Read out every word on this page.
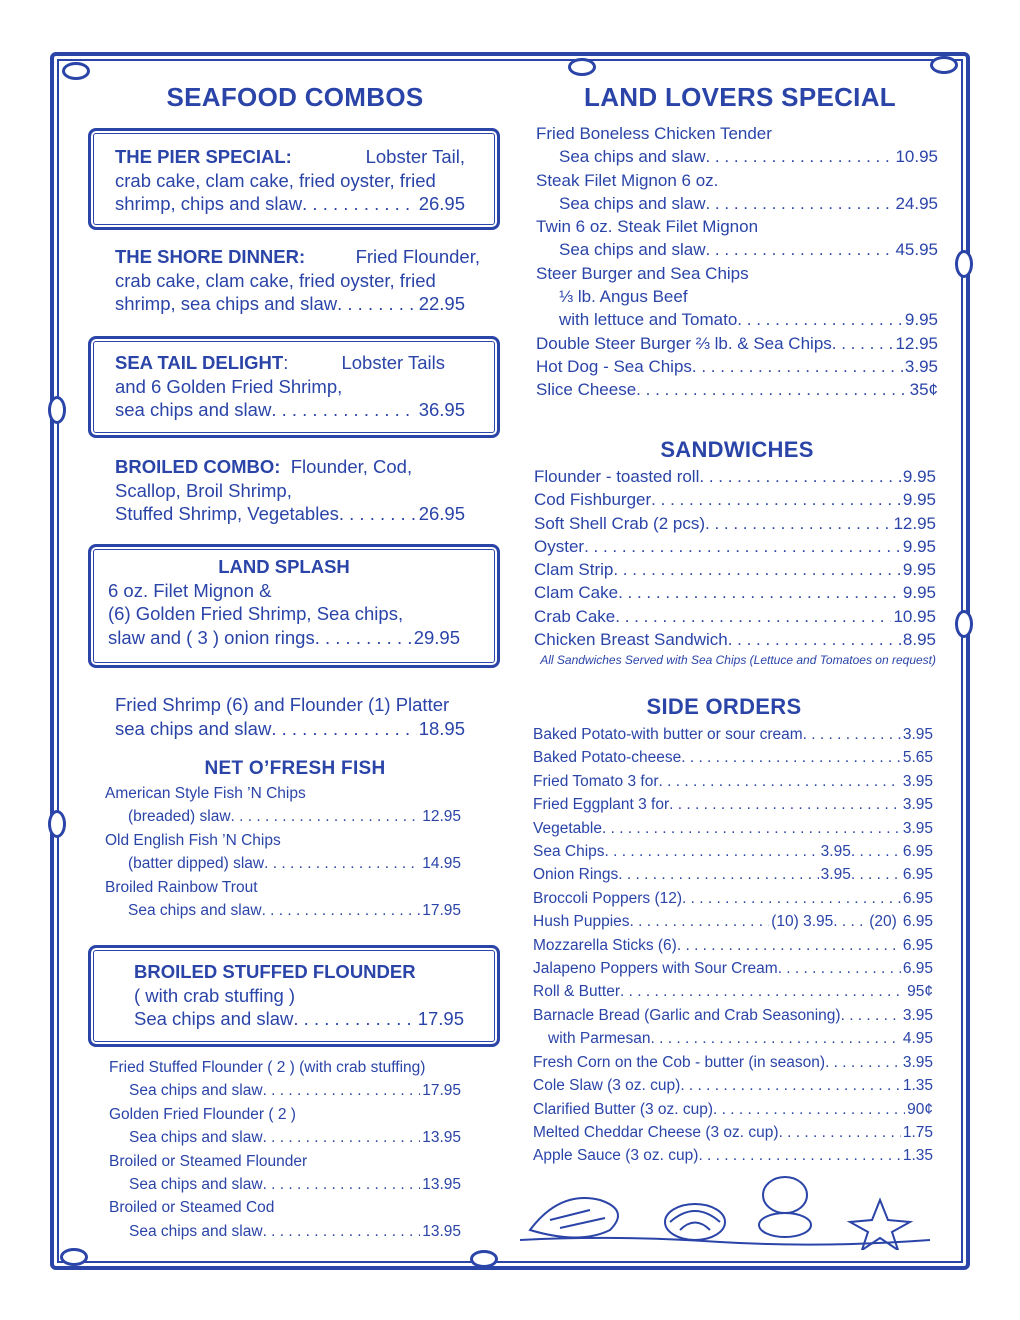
SEAFOOD COMBOS
THE PIER SPECIAL:	Lobster Tail,
crab cake, clam cake, fried oyster, fried
shrimp, chips and slaw . . .	26.95
THE SHORE DINNER:	Fried Flounder,
crab cake, clam cake, fried oyster, fried
shrimp, sea chips and slaw . . .	22.95
SEA TAIL DELIGHT:	Lobster Tails
and 6 Golden Fried Shrimp,
sea chips and slaw . . .	36.95
BROILED COMBO: Flounder, Cod,
Scallop, Broil Shrimp,
Stuffed Shrimp, Vegetables . . .	26.95
LAND SPLASH
6 oz. Filet Mignon &
(6) Golden Fried Shrimp, Sea chips,
slaw and ( 3 ) onion rings . . .	29.95
Fried Shrimp (6) and Flounder (1) Platter
sea chips and slaw . . .	18.95
NET O’FRESH FISH
American Style Fish ’N Chips
(breaded) slaw . . .	12.95
Old English Fish ’N Chips
(batter dipped) slaw . . .	14.95
Broiled Rainbow Trout
Sea chips and slaw . . .	17.95
BROILED STUFFED FLOUNDER
( with crab stuffing )
Sea chips and slaw . . .	17.95
Fried Stuffed Flounder ( 2 ) (with crab stuffing)
Sea chips and slaw . . .	17.95
Golden Fried Flounder ( 2 )
Sea chips and slaw . . .	13.95
Broiled or Steamed Flounder
Sea chips and slaw . . .	13.95
Broiled or Steamed Cod
Sea chips and slaw . . .	13.95
LAND LOVERS SPECIAL
Fried Boneless Chicken Tender
Sea chips and slaw . . .	10.95
Steak Filet Mignon 6 oz.
Sea chips and slaw . . .	24.95
Twin 6 oz. Steak Filet Mignon
Sea chips and slaw . . .	45.95
Steer Burger and Sea Chips
⅓ lb. Angus Beef
with lettuce and Tomato . . .	9.95
Double Steer Burger ⅔ lb. & Sea Chips . . .	12.95
Hot Dog - Sea Chips . . .	3.95
Slice Cheese . . .	35¢
SANDWICHES
Flounder - toasted roll . . .	9.95
Cod Fishburger . . .	9.95
Soft Shell Crab (2 pcs) . . .	12.95
Oyster . . .	9.95
Clam Strip . . .	9.95
Clam Cake . . .	9.95
Crab Cake . . .	10.95
Chicken Breast Sandwich . . .	8.95
All Sandwiches Served with Sea Chips (Lettuce and Tomatoes on request)
SIDE ORDERS
Baked Potato-with butter or sour cream . . .	3.95
Baked Potato-cheese . . .	5.65
Fried Tomato 3 for . . .	3.95
Fried Eggplant 3 for . . .	3.95
Vegetable . . .	3.95
Sea Chips . . .	3.95 . . .	6.95
Onion Rings . . .	3.95 . . .	6.95
Broccoli Poppers (12) . . .	6.95
Hush Puppies . . .	(10) 3.95 . . . (20) 6.95
Mozzarella Sticks (6) . . .	6.95
Jalapeno Poppers with Sour Cream . . .	6.95
Roll & Butter . . .	95¢
Barnacle Bread (Garlic and Crab Seasoning) . . .	3.95
with Parmesan . . .	4.95
Fresh Corn on the Cob - butter (in season) . . .	3.95
Cole Slaw (3 oz. cup) . . .	1.35
Clarified Butter (3 oz. cup) . . .	90¢
Melted Cheddar Cheese (3 oz. cup) . . .	1.75
Apple Sauce (3 oz. cup) . . .	1.35
